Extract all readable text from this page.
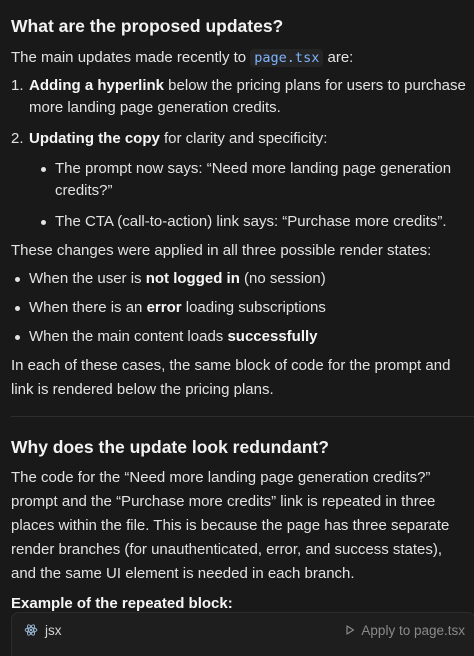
What are the proposed updates?

The main updates made recently to page.tsx are:

1. Adding a hyperlink below the pricing plans for users to purchase
more landing page generation credits.
2. Updating the copy for clarity and specificity:
The prompt now says: “Need more landing page generation
credits?”
The CTA (call-to-action) link says: “Purchase more credits”.

These changes were applied in all three possible render states:

When the user is not logged in (no session)
When there is an error loading subscriptions
When the main content loads successfully

In each of these cases, the same block of code for the prompt and
link is rendered below the pricing plans.

Why does the update look redundant?

The code for the “Need more landing page generation credits?”
prompt and the “Purchase more credits” link is repeated in three
places within the file. This is because the page has three separate
render branches (for unauthenticated, error, and success states),
and the same UI element is needed in each branch.

Example of the repeated block:

jsx	Apply to page.tsx
